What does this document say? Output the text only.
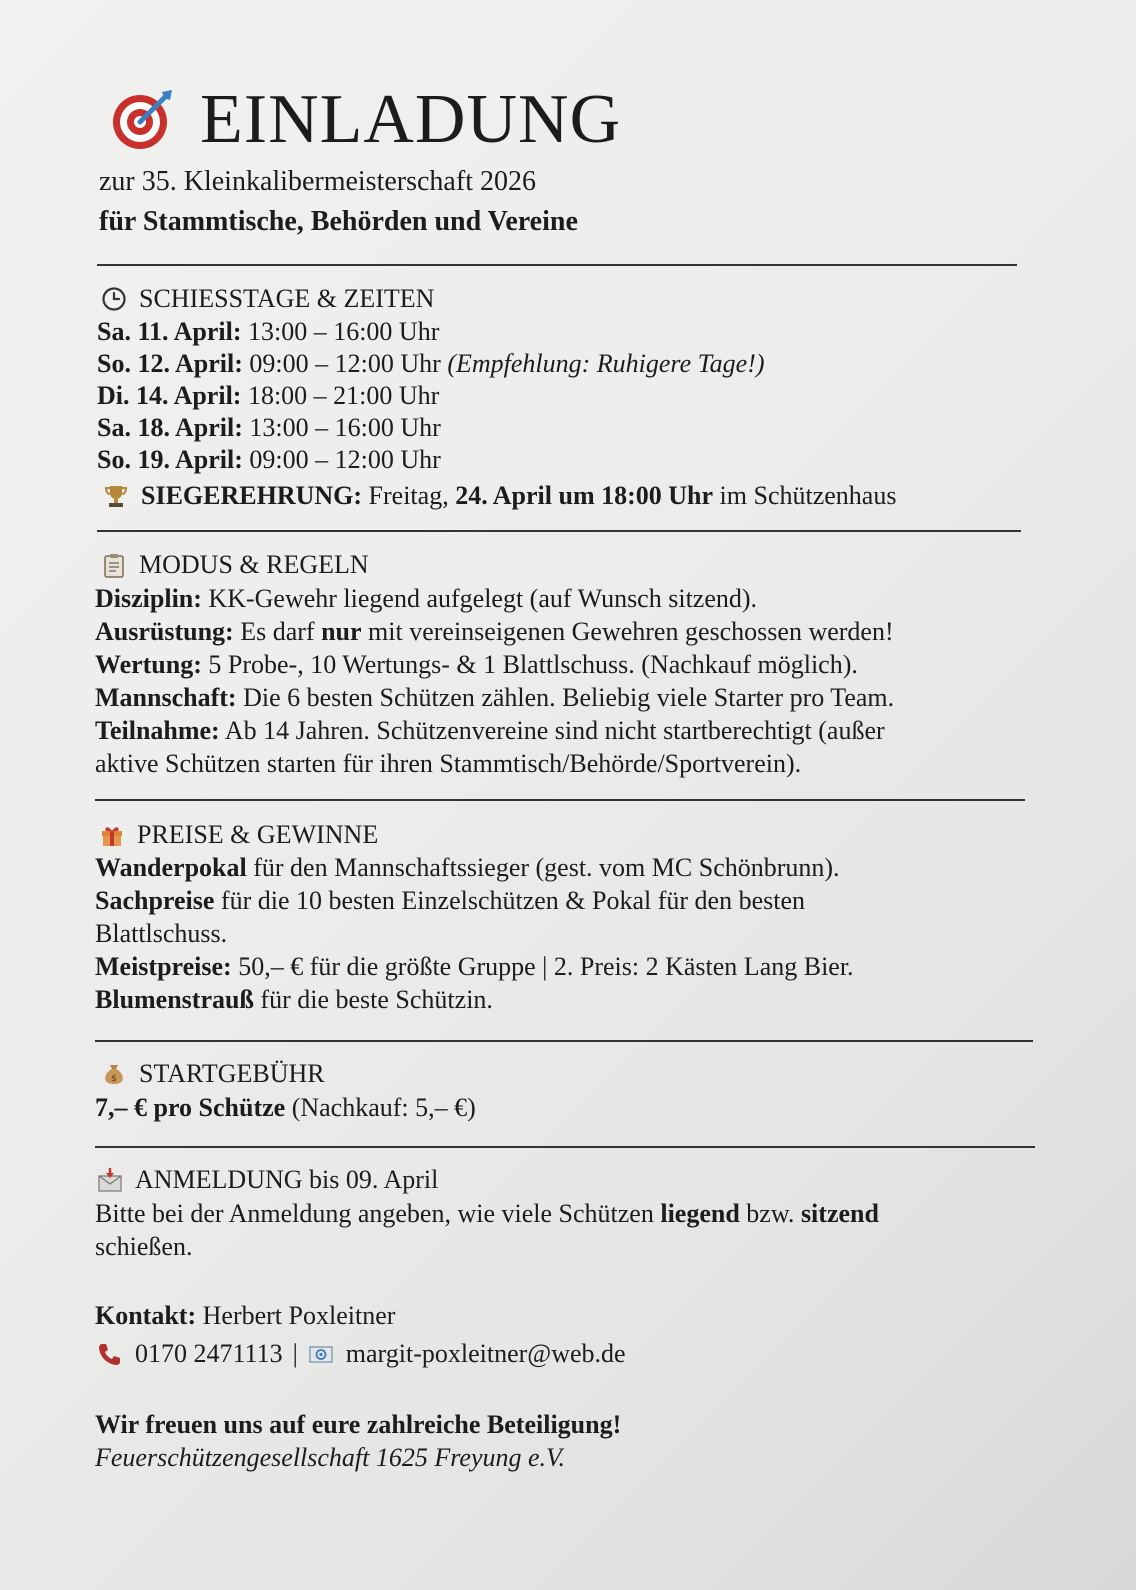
EINLADUNG
zur 35. Kleinkalibermeisterschaft 2026
für Stammtische, Behörden und Vereine
SCHIESSTAGE & ZEITEN
Sa. 11. April: 13:00 – 16:00 Uhr
So. 12. April: 09:00 – 12:00 Uhr (Empfehlung: Ruhigere Tage!)
Di. 14. April: 18:00 – 21:00 Uhr
Sa. 18. April: 13:00 – 16:00 Uhr
So. 19. April: 09:00 – 12:00 Uhr
SIEGEREHRUNG: Freitag, 24. April um 18:00 Uhr im Schützenhaus
MODUS & REGELN
Disziplin: KK-Gewehr liegend aufgelegt (auf Wunsch sitzend).
Ausrüstung: Es darf nur mit vereinseigenen Gewehren geschossen werden!
Wertung: 5 Probe-, 10 Wertungs- & 1 Blattlschuss. (Nachkauf möglich).
Mannschaft: Die 6 besten Schützen zählen. Beliebig viele Starter pro Team.
Teilnahme: Ab 14 Jahren. Schützenvereine sind nicht startberechtigt (außer
aktive Schützen starten für ihren Stammtisch/Behörde/Sportverein).
PREISE & GEWINNE
Wanderpokal für den Mannschaftssieger (gest. vom MC Schönbrunn).
Sachpreise für die 10 besten Einzelschützen & Pokal für den besten
Blattlschuss.
Meistpreise: 50,– € für die größte Gruppe | 2. Preis: 2 Kästen Lang Bier.
Blumenstrauß für die beste Schützin.
$ STARTGEBÜHR
7,– € pro Schütze (Nachkauf: 5,– €)
ANMELDUNG bis 09. April
Bitte bei der Anmeldung angeben, wie viele Schützen liegend bzw. sitzend
schießen.
Kontakt: Herbert Poxleitner
0170 2471113 | margit-poxleitner@web.de
Wir freuen uns auf eure zahlreiche Beteiligung!
Feuerschützengesellschaft 1625 Freyung e.V.
